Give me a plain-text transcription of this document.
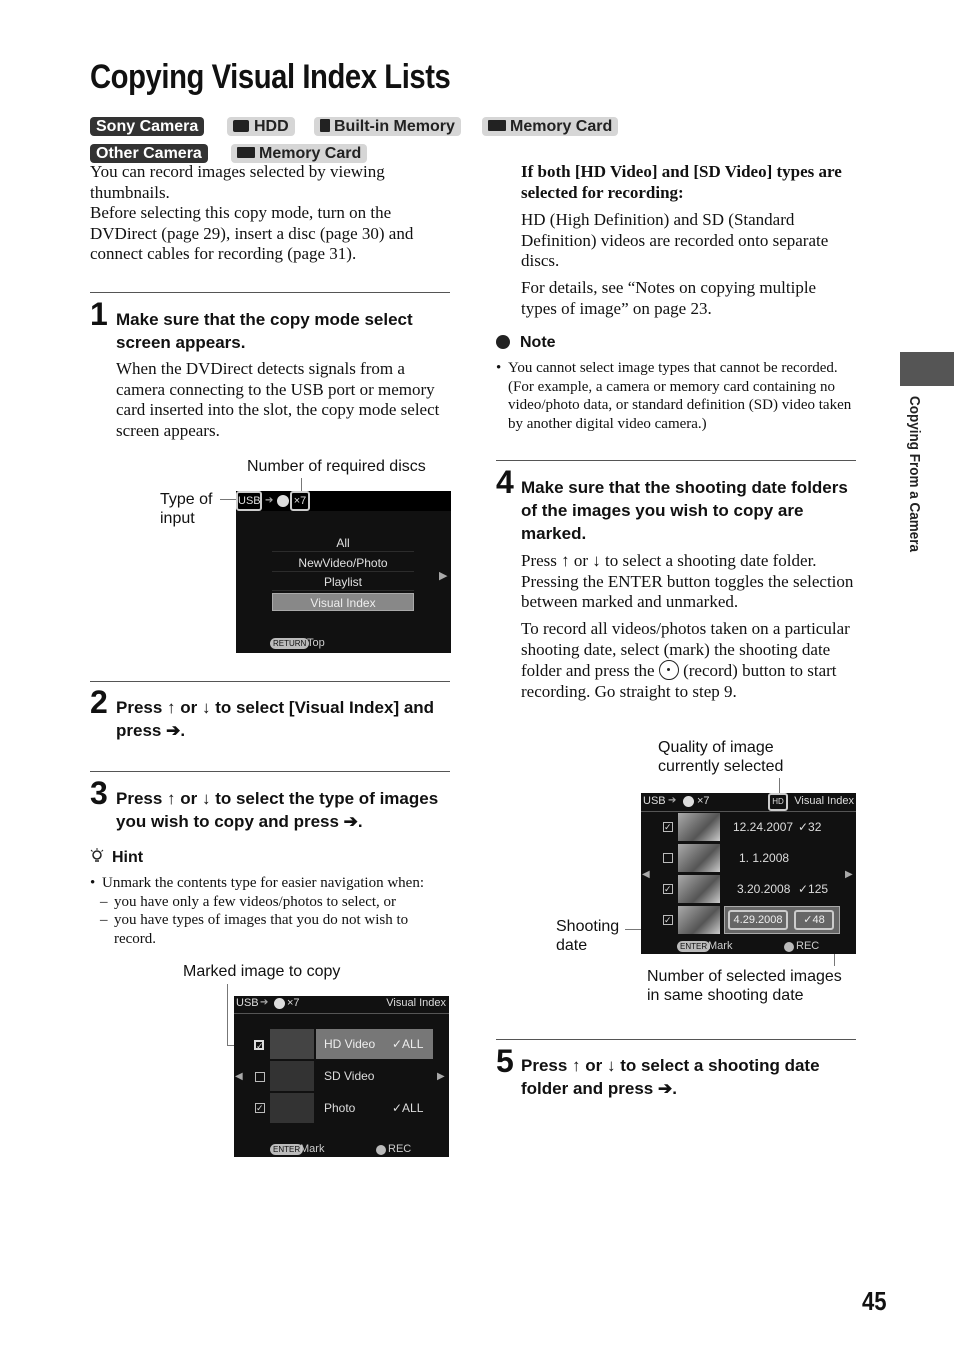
Copying Visual Index Lists
Sony Camera	HDD	Built-in Memory	Memory Card
Other Camera	Memory Card

You can record images selected by viewing thumbnails.

Before selecting this copy mode, turn on the DVDirect (page 29), insert a disc (page 30) and connect cables for recording (page 31).

1 Make sure that the copy mode select screen appears.
When the DVDirect detects signals from a camera connecting to the USB port or memory card inserted into the slot, the copy mode select screen appears.
Number of required discs
Type of input
USB ➔	×7
All
NewVideo/Photo
Playlist
Visual Index
▶
RETURN Top
2 Press ↑ or ↓ to select [Visual Index] and press ➔.
3 Press ↑ or ↓ to select the type of images you wish to copy and press ➔.
Hint
• Unmark the contents type for easier navigation when:

– you have only a few videos/photos to select, or

– you have types of images that you do not wish to record.

Marked image to copy
USB ➔ ×7	Visual Index
✓	HD Video ✓ALL
SD Video
✓	Photo	✓ALL
◀	▶
ENTER Mark	REC
If both [HD Video] and [SD Video] types are selected for recording:
HD (High Definition) and SD (Standard Definition) videos are recorded onto separate discs.
For details, see “Notes on copying multiple types of image” on page 23.
Note
• You cannot select image types that cannot be recorded. (For example, a camera or memory card containing no video/photo data, or standard definition (SD) video taken by another digital video camera.)
4 Make sure that the shooting date folders of the images you wish to copy are marked.
Press ↑ or ↓ to select a shooting date folder. Pressing the ENTER button toggles the selection between marked and unmarked.
To record all videos/photos taken on a particular shooting date, select (mark) the shooting date folder and press the (record) button to start recording. Go straight to step 9.
Quality of image currently selected
Shooting date
Number of selected images in same shooting date
USB ➔ ×7	HD Visual Index
✓	12.24.2007 ✓32
1. 1.2008
✓	3.20.2008 ✓125
✓	4.29.2008	✓48
◀	▶
ENTER Mark	REC
5 Press ↑ or ↓ to select a shooting date folder and press ➔.
Copying From a Camera
45
